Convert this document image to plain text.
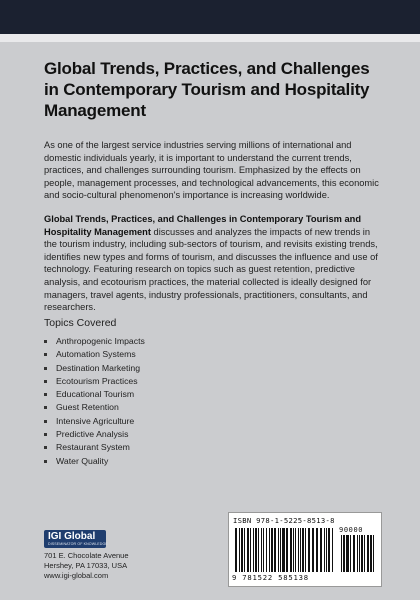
Global Trends, Practices, and Challenges in Contemporary Tourism and Hospitality Management

As one of the largest service industries serving millions of international and domestic individuals yearly, it is important to understand the current trends, practices, and challenges surrounding tourism. Emphasized by the effects on people, management processes, and technological advancements, this economic and socio-cultural phenomenon's importance is increasing worldwide.

Global Trends, Practices, and Challenges in Contemporary Tourism and Hospitality Management discusses and analyzes the impacts of new trends in the tourism industry, including sub-sectors of tourism, and revisits existing trends, identifies new types and forms of tourism, and discusses the influence and use of technology. Featuring research on topics such as guest retention, predictive analysis, and ecotourism practices, the material collected is ideally designed for managers, travel agents, industry professionals, practitioners, consultants, and researchers.

Topics Covered

Anthropogenic Impacts
Automation Systems
Destination Marketing
Ecotourism Practices
Educational Tourism
Guest Retention
Intensive Agriculture
Predictive Analysis
Restaurant System
Water Quality
IGI Global
DISSEMINATOR OF KNOWLEDGE
701 E. Chocolate Avenue
Hershey, PA 17033, USA
www.igi-global.com
ISBN 978-1-5225-8513-8
90000
9 781522 585138
